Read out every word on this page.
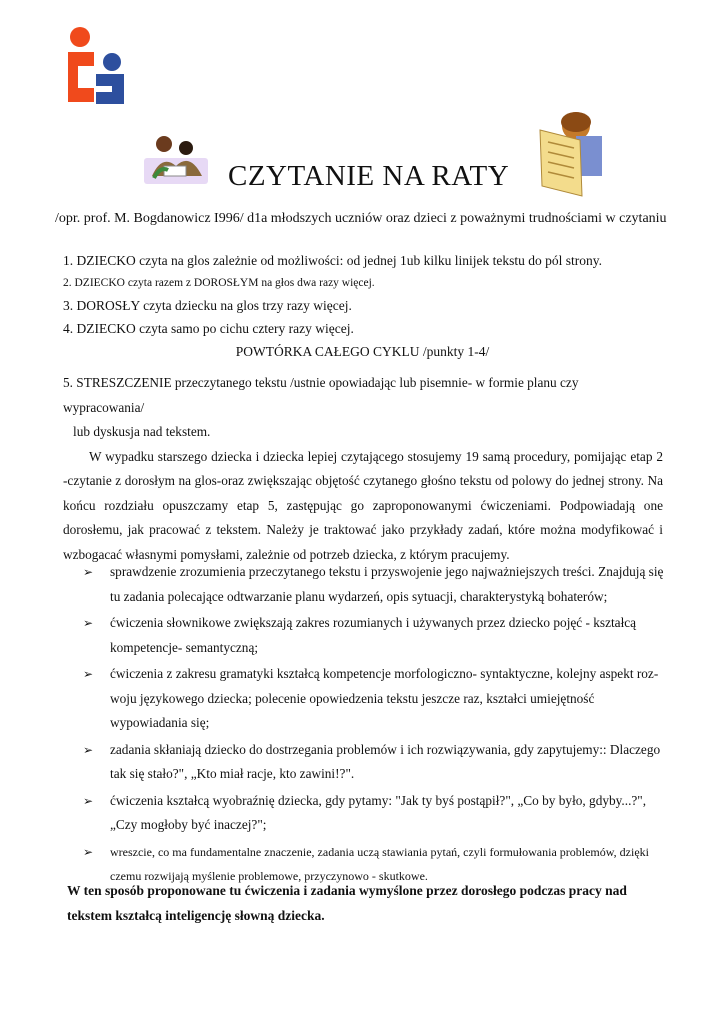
CZYTANIE NA RATY
/opr. prof. M. Bogdanowicz I996/ d1a młodszych uczniów oraz dzieci z poważnymi trudnościami w czytaniu
1. DZIECKO czyta na glos zależnie od możliwości: od jednej 1ub kilku linijek tekstu do pól strony.
2. DZIECKO czyta razem z DOROSŁYM na głos dwa razy więcej.
3. DOROSŁY czyta dziecku na glos trzy razy więcej.
4. DZIECKO czyta samo po cichu cztery razy więcej.
POWTÓRKA CAŁEGO CYKLU /punkty 1-4/
5. STRESZCZENIE przeczytanego tekstu /ustnie opowiadając lub pisemnie- w formie planu czy wypracowania/
lub dyskusja nad tekstem.
W wypadku starszego dziecka i dziecka lepiej czytającego stosujemy 19 samą procedury, pomijając etap 2 -czytanie z dorosłym na glos-oraz zwiększając objętość czytanego głośno tekstu od polowy do jednej strony. Na końcu rozdziału opuszczamy etap 5, zastępując go zaproponowanymi ćwiczeniami. Podpowiadają one dorosłemu, jak pracować z tekstem. Należy je traktować jako przykłady zadań, które można modyfikować i wzbogacać własnymi pomysłami, zależnie od potrzeb dziecka, z którym pracujemy.
➢ sprawdzenie zrozumienia przeczytanego tekstu i przyswojenie jego najważniejszych treści. Znajdują się tu zadania polecające odtwarzanie planu wydarzeń, opis sytuacji, charakterystyką bohaterów;
➢ ćwiczenia słownikowe zwiększają zakres rozumianych i używanych przez dziecko pojęć - kształcą kompetencje- semantyczną;
➢ ćwiczenia z zakresu gramatyki kształcą kompetencje morfologiczno- syntaktyczne, kolejny aspekt roz-woju językowego dziecka; polecenie opowiedzenia tekstu jeszcze raz, kształci umiejętność wypowiadania się;
➢ zadania skłaniają dziecko do dostrzegania problemów i ich rozwiązywania, gdy zapytujemy:: Dlaczego tak się stało?", „Kto miał racje, kto zawini!?".
➢ ćwiczenia kształcą wyobraźnię dziecka, gdy pytamy: "Jak ty byś postąpił?", „Co by było, gdyby...?", „Czy mogłoby być inaczej?";
➢ wreszcie, co ma fundamentalne znaczenie, zadania uczą stawiania pytań, czyli formułowania problemów, dzięki czemu rozwijają myślenie problemowe, przyczynowo - skutkowe.
W ten sposób proponowane tu ćwiczenia i zadania wymyślone przez dorosłego podczas pracy nad tekstem kształcą inteligencję słowną dziecka.
